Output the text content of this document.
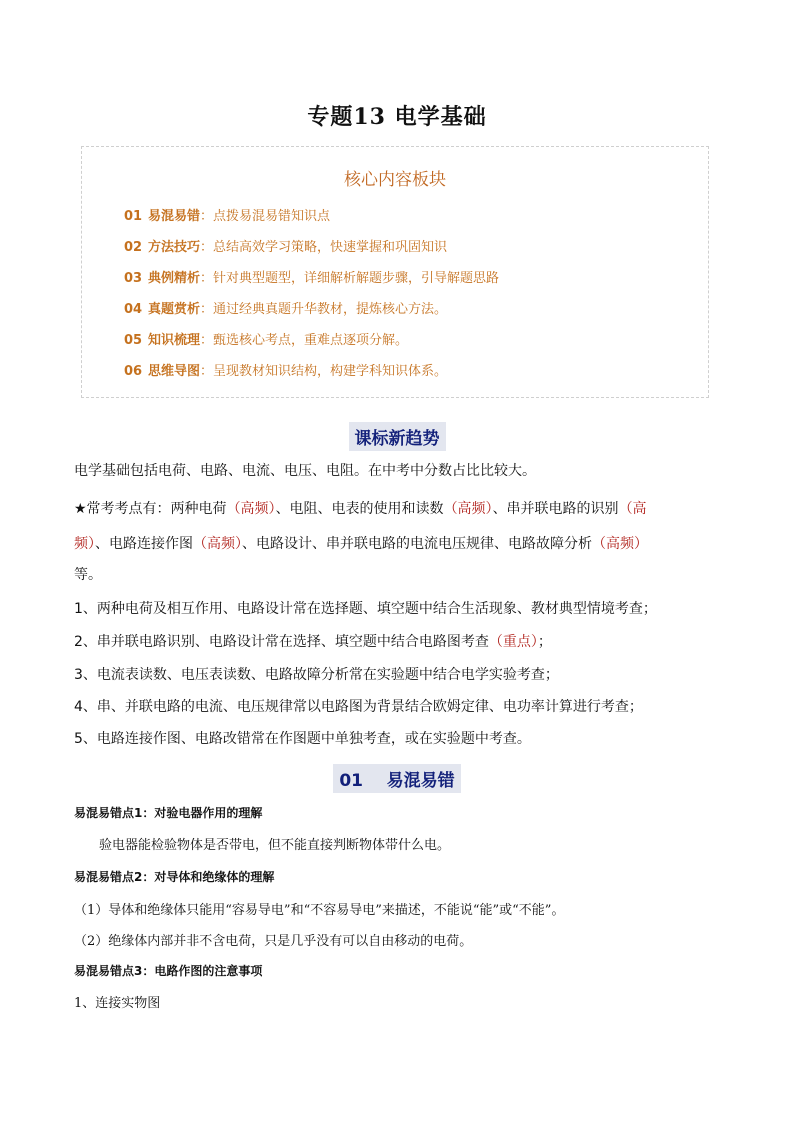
专题13 电学基础
核心内容板块
01 易混易错：点拨易混易错知识点
02 方法技巧：总结高效学习策略，快速掌握和巩固知识
03 典例精析：针对典型题型，详细解析解题步骤，引导解题思路
04 真题赏析：通过经典真题升华教材，提炼核心方法。
05 知识梳理：甄选核心考点，重难点逐项分解。
06 思维导图：呈现教材知识结构，构建学科知识体系。
课标新趋势
电学基础包括电荷、电路、电流、电压、电阻。在中考中分数占比比较大。
★常考考点有：两种电荷（高频）、电阻、电表的使用和读数（高频）、串并联电路的识别（高
频）、电路连接作图（高频）、电路设计、串并联电路的电流电压规律、电路故障分析（高频）
等。
1、两种电荷及相互作用、电路设计常在选择题、填空题中结合生活现象、教材典型情境考查；
2、串并联电路识别、电路设计常在选择、填空题中结合电路图考查（重点）；
3、电流表读数、电压表读数、电路故障分析常在实验题中结合电学实验考查；
4、串、并联电路的电流、电压规律常以电路图为背景结合欧姆定律、电功率计算进行考查；
5、电路连接作图、电路改错常在作图题中单独考查，或在实验题中考查。
01    易混易错
易混易错点1：对验电器作用的理解
验电器能检验物体是否带电，但不能直接判断物体带什么电。
易混易错点2：对导体和绝缘体的理解
（1）导体和绝缘体只能用“容易导电”和“不容易导电”来描述，不能说“能”或“不能”。
（2）绝缘体内部并非不含电荷，只是几乎没有可以自由移动的电荷。
易混易错点3：电路作图的注意事项
1、连接实物图
